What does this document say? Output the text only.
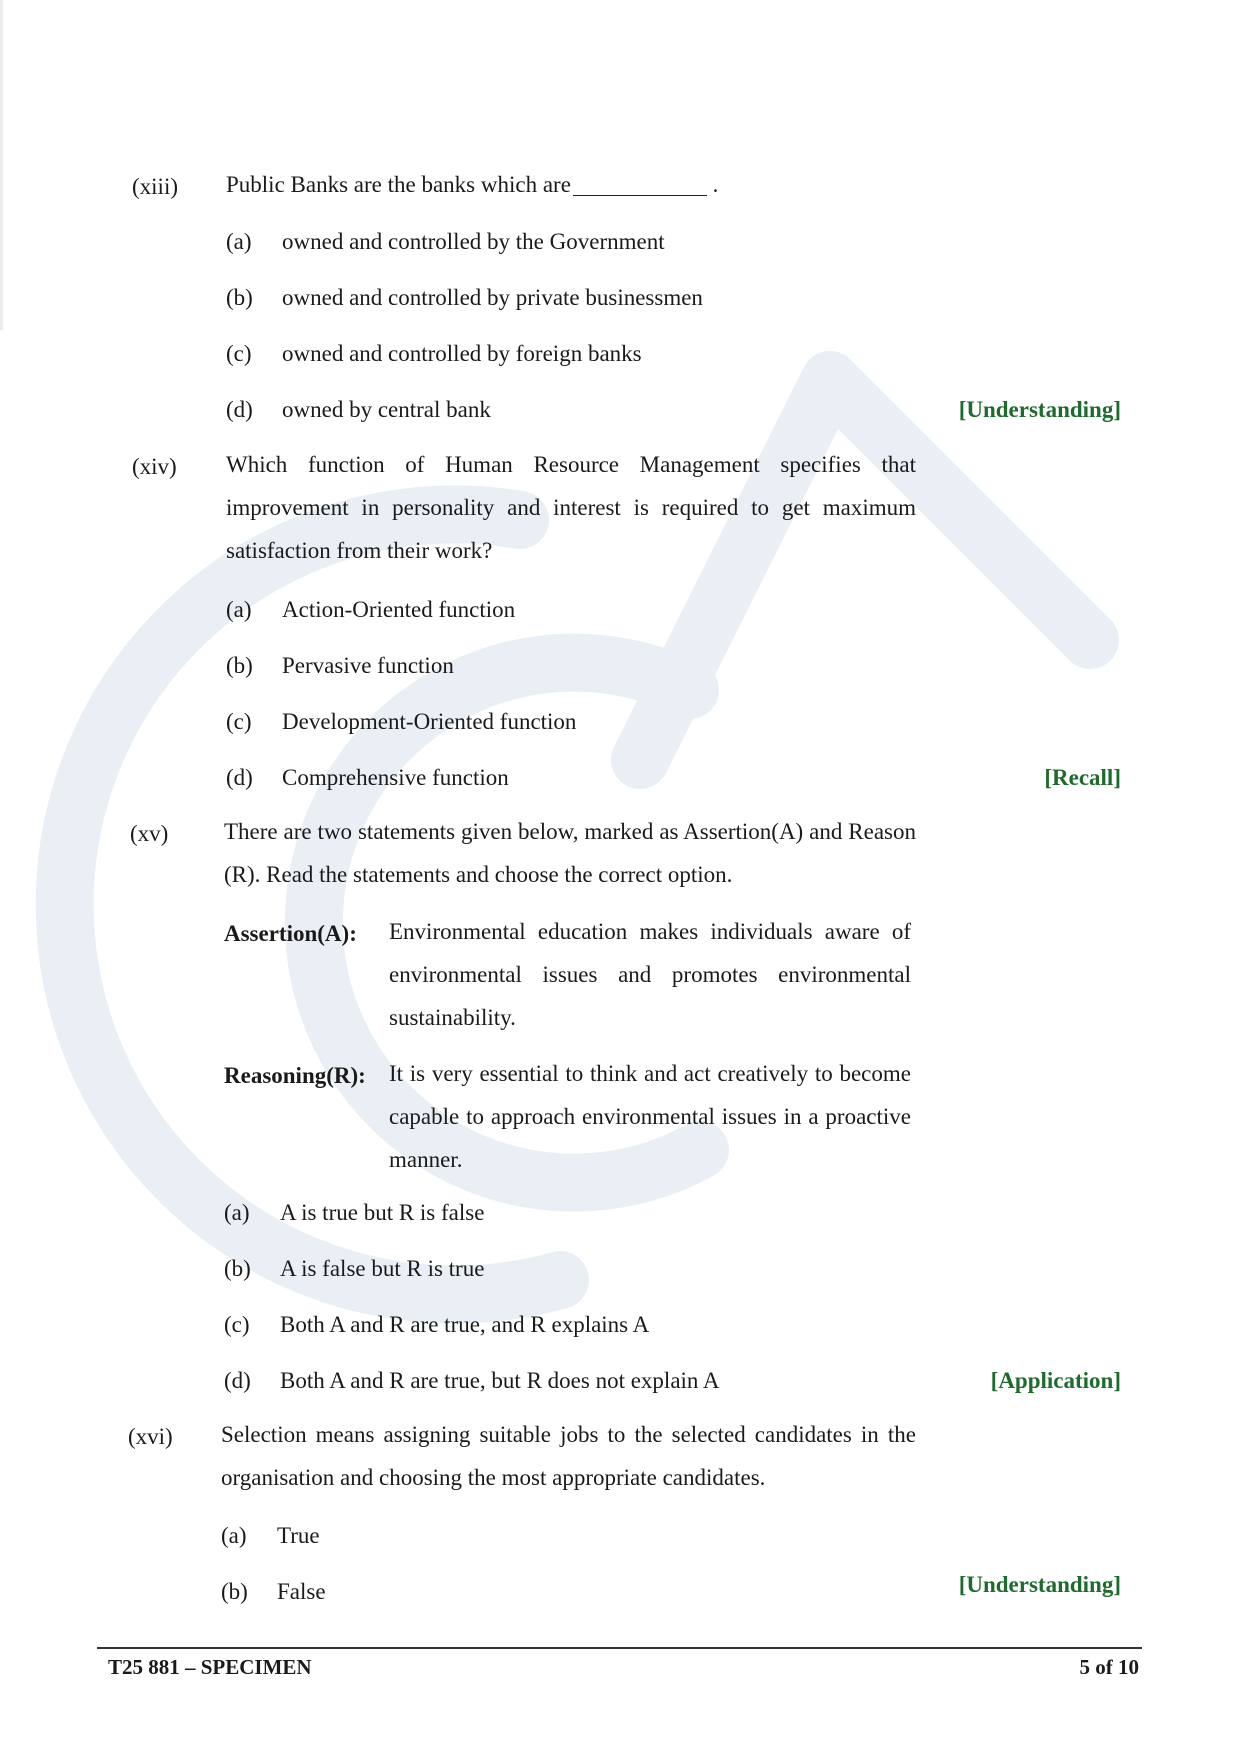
(xiii) Public Banks are the banks which are	.
(a) owned and controlled by the Government
(b) owned and controlled by private businessmen
(c) owned and controlled by foreign banks
(d) owned by central bank	[Understanding]
(xiv) Which function of Human Resource Management specifies that improvement in personality and interest is required to get maximum satisfaction from their work?
(a) Action-Oriented function
(b) Pervasive function
(c) Development-Oriented function
(d) Comprehensive function	[Recall]
(xv) There are two statements given below, marked as Assertion(A) and Reason (R). Read the statements and choose the correct option.
Assertion(A): Environmental education makes individuals aware of environmental issues and promotes environmental sustainability.
Reasoning(R): It is very essential to think and act creatively to become capable to approach environmental issues in a proactive manner.
(a) A is true but R is false
(b) A is false but R is true
(c) Both A and R are true, and R explains A
(d) Both A and R are true, but R does not explain A	[Application]
(xvi) Selection means assigning suitable jobs to the selected candidates in the organisation and choosing the most appropriate candidates.
(a) True
(b) False	[Understanding]
T25 881 – SPECIMEN	5 of 10
